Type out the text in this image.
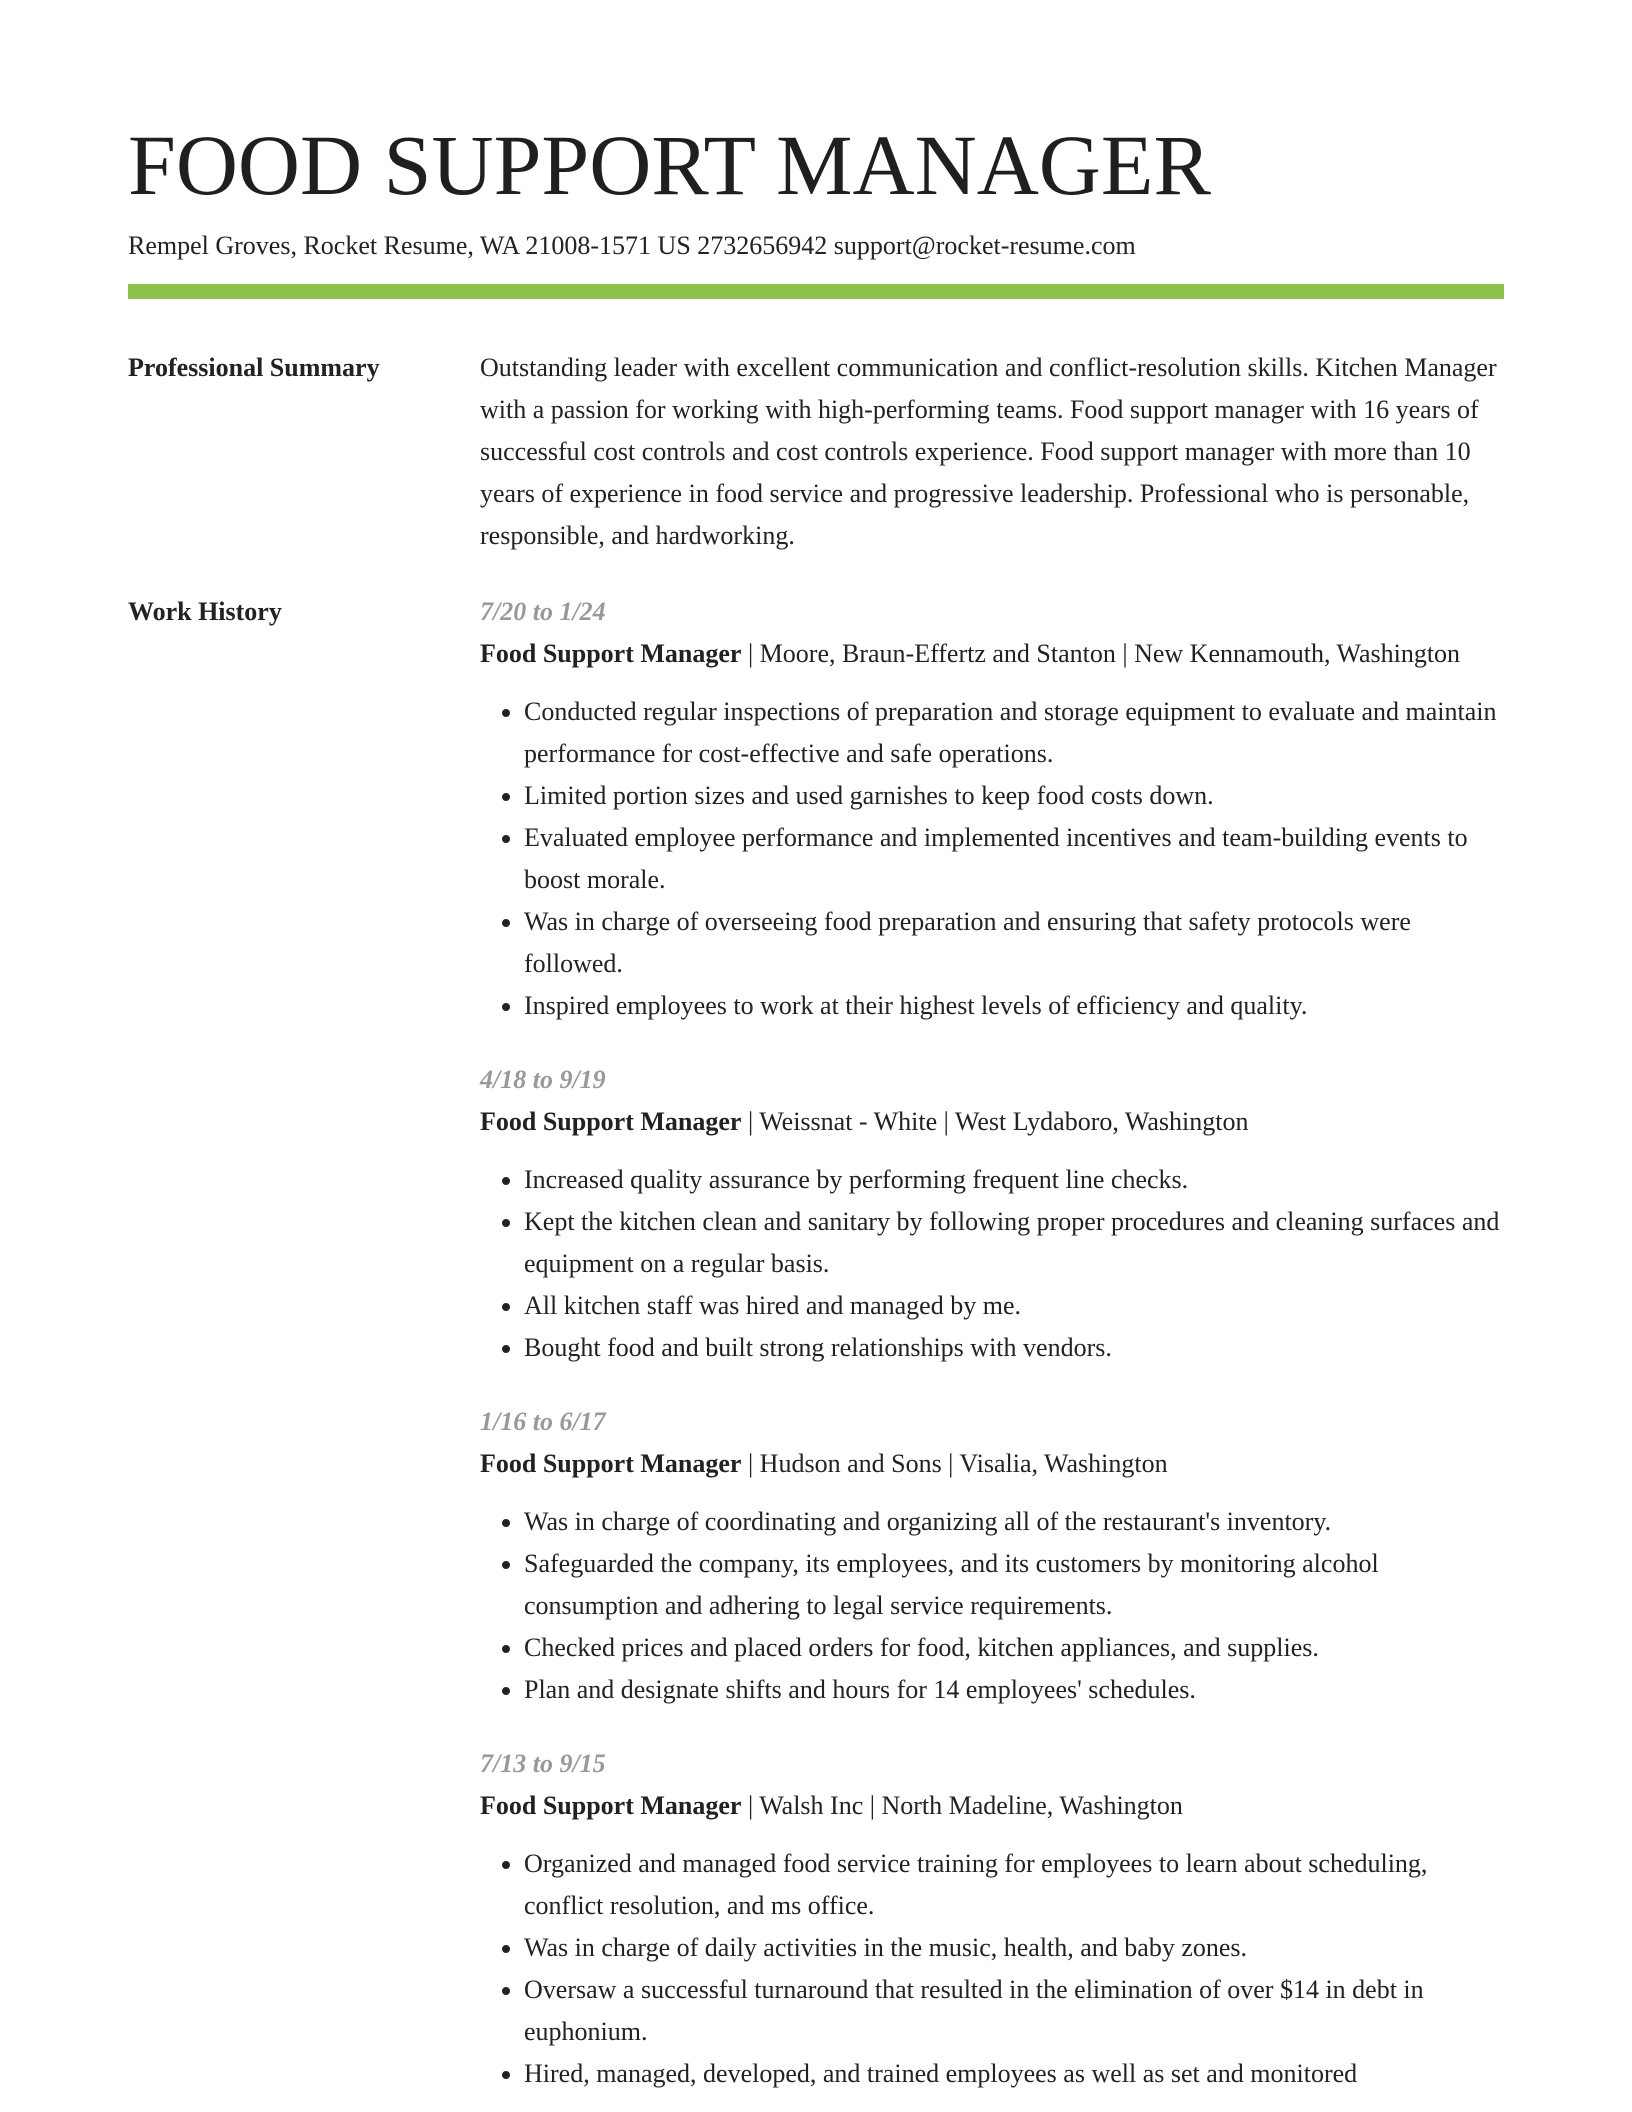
FOOD SUPPORT MANAGER
Rempel Groves, Rocket Resume, WA 21008-1571 US 2732656942 support@rocket-resume.com
Professional Summary	Outstanding leader with excellent communication and conflict-resolution skills. Kitchen Manager with a passion for working with high-performing teams. Food support manager with 16 years of successful cost controls and cost controls experience. Food support manager with more than 10 years of experience in food service and progressive leadership. Professional who is personable, responsible, and hardworking.
Work History	7/20 to 1/24
Food Support Manager | Moore, Braun-Effertz and Stanton | New Kennamouth, Washington
• Conducted regular inspections of preparation and storage equipment to evaluate and maintain performance for cost-effective and safe operations.
• Limited portion sizes and used garnishes to keep food costs down.
• Evaluated employee performance and implemented incentives and team-building events to boost morale.
• Was in charge of overseeing food preparation and ensuring that safety protocols were followed.
• Inspired employees to work at their highest levels of efficiency and quality.
4/18 to 9/19
Food Support Manager | Weissnat - White | West Lydaboro, Washington
• Increased quality assurance by performing frequent line checks.
• Kept the kitchen clean and sanitary by following proper procedures and cleaning surfaces and equipment on a regular basis.
• All kitchen staff was hired and managed by me.
• Bought food and built strong relationships with vendors.
1/16 to 6/17
Food Support Manager | Hudson and Sons | Visalia, Washington
• Was in charge of coordinating and organizing all of the restaurant's inventory.
• Safeguarded the company, its employees, and its customers by monitoring alcohol consumption and adhering to legal service requirements.
• Checked prices and placed orders for food, kitchen appliances, and supplies.
• Plan and designate shifts and hours for 14 employees' schedules.
7/13 to 9/15
Food Support Manager | Walsh Inc | North Madeline, Washington
• Organized and managed food service training for employees to learn about scheduling, conflict resolution, and ms office.
• Was in charge of daily activities in the music, health, and baby zones.
• Oversaw a successful turnaround that resulted in the elimination of over $14 in debt in euphonium.
• Hired, managed, developed, and trained employees as well as set and monitored
